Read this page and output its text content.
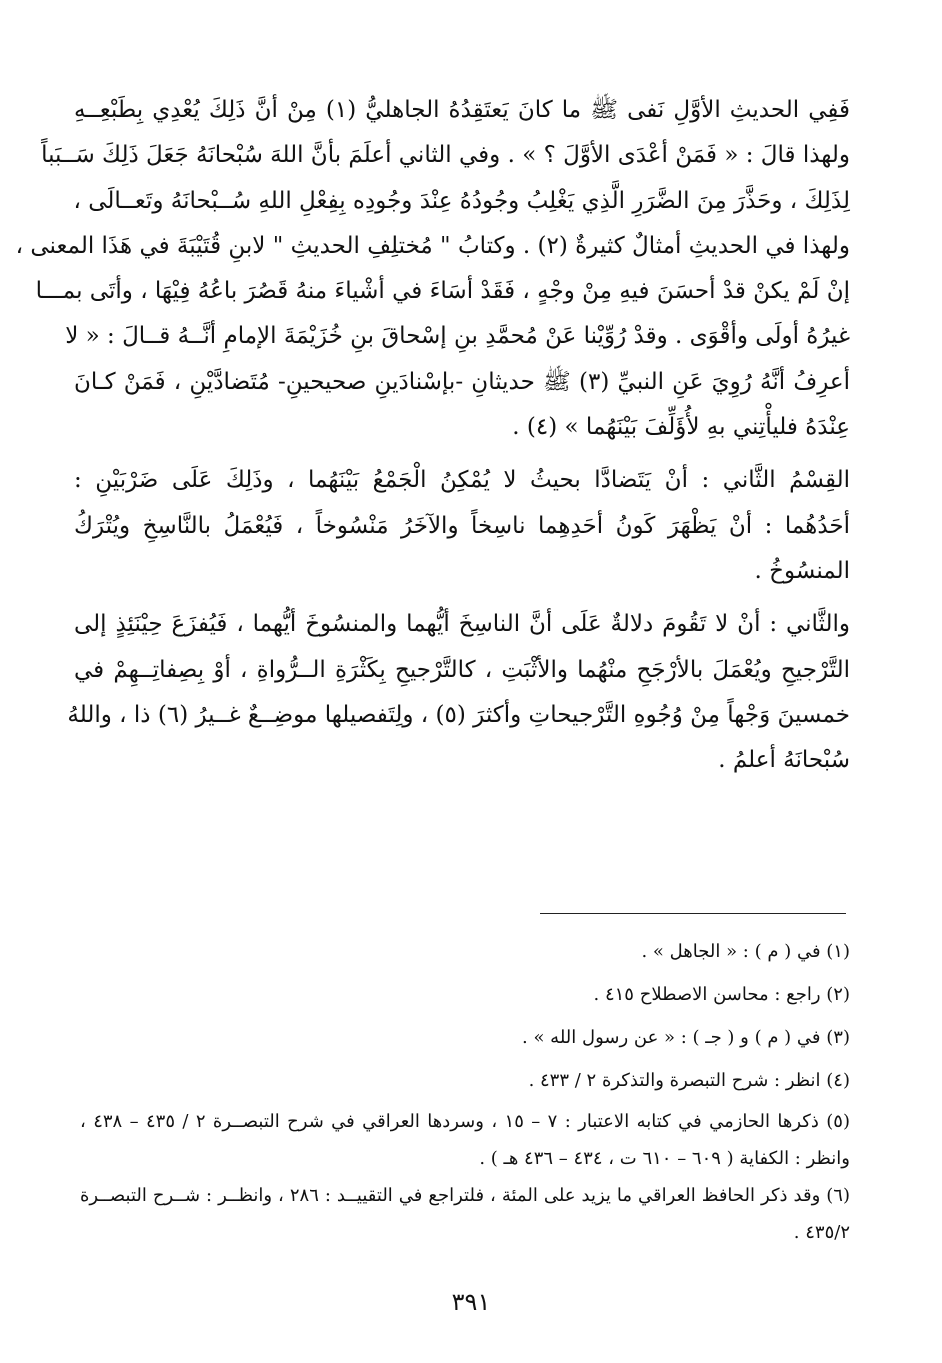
فَفِي الحديثِ الأوَّلِ نَفى ﷺ ما كانَ يَعتَقِدُهُ الجاهليُّ (١) مِنْ أنَّ ذَلِكَ يُعْدِي بِطَبْعِــهِ
ولهذا قالَ : « فَمَنْ أعْدَى الأوَّلَ ؟ » . وفي الثاني أعلَمَ بأنَّ اللهَ سُبْحانَهُ جَعَلَ ذَلِكَ سَــبَباً
لِذَلِكَ ، وحَذَّرَ مِنَ الضَّرَرِ الَّذِي يَغْلِبُ وجُودُهُ عِنْدَ وجُودِه بِفِعْلِ اللهِ سُــبْحانَهُ وتَعــالَى ،
ولهذا في الحديثِ أمثالٌ كثيرةٌ (٢) . وكتابُ " مُختلِفِ الحديثِ " لابنِ قُتَيْبَةَ في هَذَا المعنى ،
إنْ لَمْ يكنْ قدْ أحسَنَ فيهِ مِنْ وجْهٍ ، فَقَدْ أسَاءَ في أشْياءَ منهُ قَصُرَ باعُهُ فِيْهَا ، وأتَى بمـــا
غيرُهُ أولَى وأقْوَى . وقدْ رُوِّيْنا عَنْ مُحمَّدِ بنِ إسْحاقَ بنِ خُزَيْمَةَ الإمامِ أنَّــهُ قــالَ : « لا
أعرِفُ أنَّهُ رُوِيَ عَنِ النبيِّ (٣) ﷺ حديثانِ -بإسْنادَينِ صحيحينِ- مُتَضادَّيْنِ ، فَمَنْ كـانَ
عِنْدَهُ فليأْتِني بهِ لأُؤَلِّفَ بَيْنَهُما » (٤) .
القِسْمُ الثَّاني : أنْ يَتَضادَّا بحيثُ لا يُمْكِنُ الْجَمْعُ بَيْنَهُما ، وذَلِكَ عَلَى ضَرْبَيْنِ :
أحَدُهُما : أنْ يَظْهَرَ كَونُ أحَدِهِما ناسِخاً والآخَرُ مَنْسُوخاً ، فَيُعْمَلُ بالنَّاسِخِ ويُتْرَكُ
المنسُوخُ .
والثَّاني : أنْ لا تَقُومَ دلالةٌ عَلَى أنَّ الناسِخَ أيُّهما والمنسُوخَ أيُّهما ، فَيُفزَعَ حِيْنَئِذٍ إلى
التَّرْجيحِ ويُعْمَلَ بالأرْجَحِ منْهُما والأثْبَتِ ، كالتَّرْجيحِ بِكَثْرَةِ الــرُّواةِ ، أوْ بِصِفاتِــهِمْ في
خمسينَ وَجْهاً مِنْ وُجُوهِ التَّرْجيحاتِ وأكثرَ (٥) ، ولِتَفصيلها موضِــعٌ غــيرُ (٦) ذا ، واللهُ
سُبْحانَهُ أعلمُ .
(١) في ( م ) : « الجاهل » .
(٢) راجع : محاسن الاصطلاح ٤١٥ .
(٣) في ( م ) و ( جـ ) : « عن رسول الله » .
(٤) انظر : شرح التبصرة والتذكرة ٢ / ٤٣٣ .
(٥) ذكرها الحازمي في كتابه الاعتبار : ٧ – ١٥ ، وسردها العراقي في شرح التبصــرة ٢ / ٤٣٥ – ٤٣٨ ،
وانظر : الكفاية ( ٦٠٩ – ٦١٠ ت ، ٤٣٤ – ٤٣٦ هـ ) .
(٦) وقد ذكر الحافظ العراقي ما يزيد على المئة ، فلتراجع في التقييــد : ٢٨٦ ، وانظــر : شــرح التبصــرة
٤٣٥/٢ .
٣٩١
